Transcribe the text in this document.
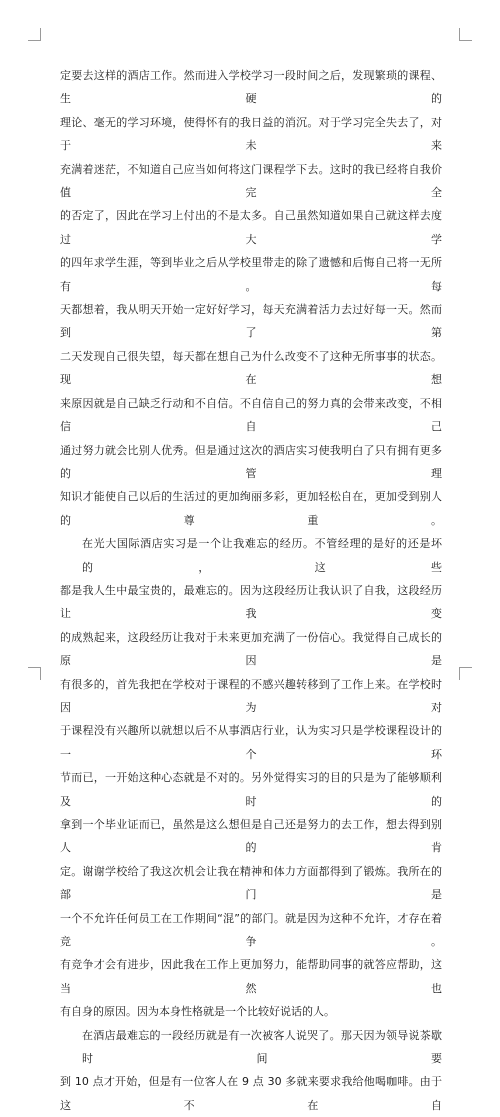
定要去这样的酒店工作。然而进入学校学习一段时间之后，发现繁琐的课程、生硬的
理论、毫无的学习环境，使得怀有的我日益的消沉。对于学习完全失去了，对于未来
充满着迷茫，不知道自己应当如何将这门课程学下去。这时的我已经将自我价值完全
的否定了，因此在学习上付出的不是太多。自己虽然知道如果自己就这样去度过大学
的四年求学生涯，等到毕业之后从学校里带走的除了遗憾和后悔自己将一无所有。每
天都想着，我从明天开始一定好好学习，每天充满着活力去过好每一天。然而到了第
二天发现自己很失望，每天都在想自己为什么改变不了这种无所事事的状态。现在想
来原因就是自己缺乏行动和不自信。不自信自己的努力真的会带来改变，不相信自己
通过努力就会比别人优秀。但是通过这次的酒店实习使我明白了只有拥有更多的管理
知识才能使自己以后的生活过的更加绚丽多彩，更加轻松自在，更加受到别人的尊重。
在光大国际酒店实习是一个让我难忘的经历。不管经理的是好的还是坏的，这些
都是我人生中最宝贵的，最难忘的。因为这段经历让我认识了自我，这段经历让我变
的成熟起来，这段经历让我对于未来更加充满了一份信心。我觉得自己成长的原因是
有很多的，首先我把在学校对于课程的不感兴趣转移到了工作上来。在学校时因为对
于课程没有兴趣所以就想以后不从事酒店行业，认为实习只是学校课程设计的一个环
节而已，一开始这种心态就是不对的。另外觉得实习的目的只是为了能够顺利及时的
拿到一个毕业证而已，虽然是这么想但是自己还是努力的去工作，想去得到别人的肯
定。谢谢学校给了我这次机会让我在精神和体力方面都得到了锻炼。我所在的部门是
一个不允许任何员工在工作期间“混”的部门。就是因为这种不允许，才存在着竞争。
有竞争才会有进步，因此我在工作上更加努力，能帮助同事的就答应帮助，这当然也
有自身的原因。因为本身性格就是一个比较好说话的人。
在酒店最难忘的一段经历就是有一次被客人说哭了。那天因为领导说茶歇时间要
到 10 点才开始，但是有一位客人在 9 点 30 多就来要求我给他喝咖啡。由于这不在自
